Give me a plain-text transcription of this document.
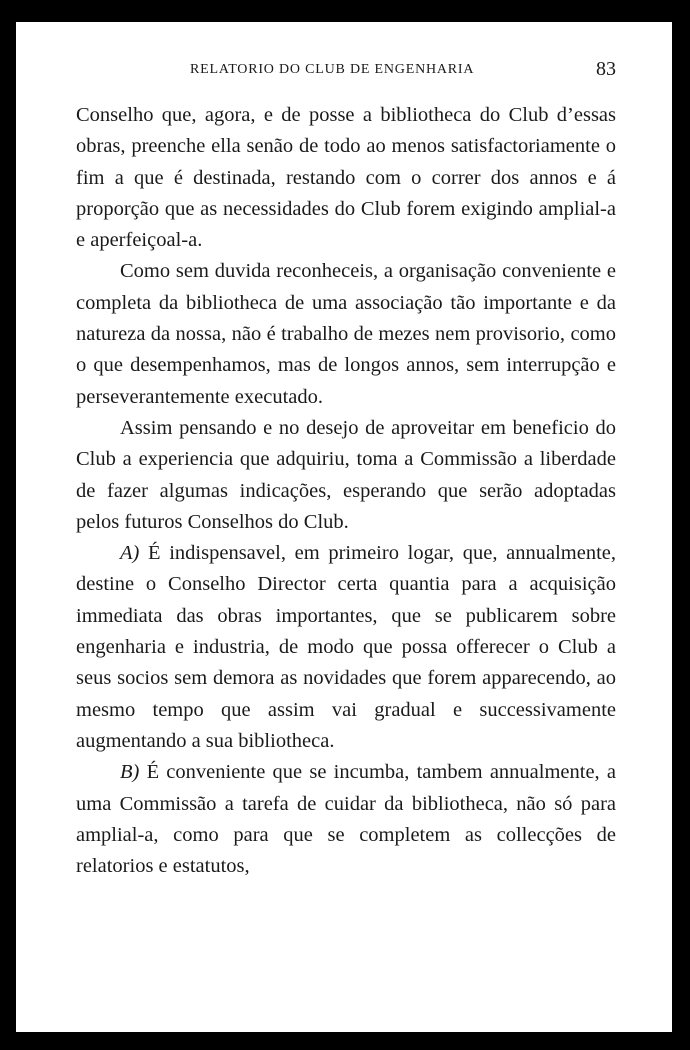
RELATORIO DO CLUB DE ENGENHARIA	83

Conselho que, agora, e de posse a bibliotheca do Club d’essas obras, preenche ella senão de todo ao menos satisfactoriamente o fim a que é destinada, restando com o correr dos annos e á proporção que as necessidades do Club forem exigindo amplial-a e aperfeiçoal-a.

Como sem duvida reconheceis, a organisação conveniente e completa da bibliotheca de uma associação tão importante e da natureza da nossa, não é trabalho de mezes nem provisorio, como o que desempenhamos, mas de longos annos, sem interrupção e perseverantemente executado.

Assim pensando e no desejo de aproveitar em beneficio do Club a experiencia que adquiriu, toma a Commissão a liberdade de fazer algumas indicações, esperando que serão adoptadas pelos futuros Conselhos do Club.

A) É indispensavel, em primeiro logar, que, annualmente, destine o Conselho Director certa quantia para a acquisição immediata das obras importantes, que se publicarem sobre engenharia e industria, de modo que possa offerecer o Club a seus socios sem demora as novidades que forem apparecendo, ao mesmo tempo que assim vai gradual e successivamente augmentando a sua bibliotheca.

B) É conveniente que se incumba, tambem annualmente, a uma Commissão a tarefa de cuidar da bibliotheca, não só para amplial-a, como para que se completem as collecções de relatorios e estatutos,
